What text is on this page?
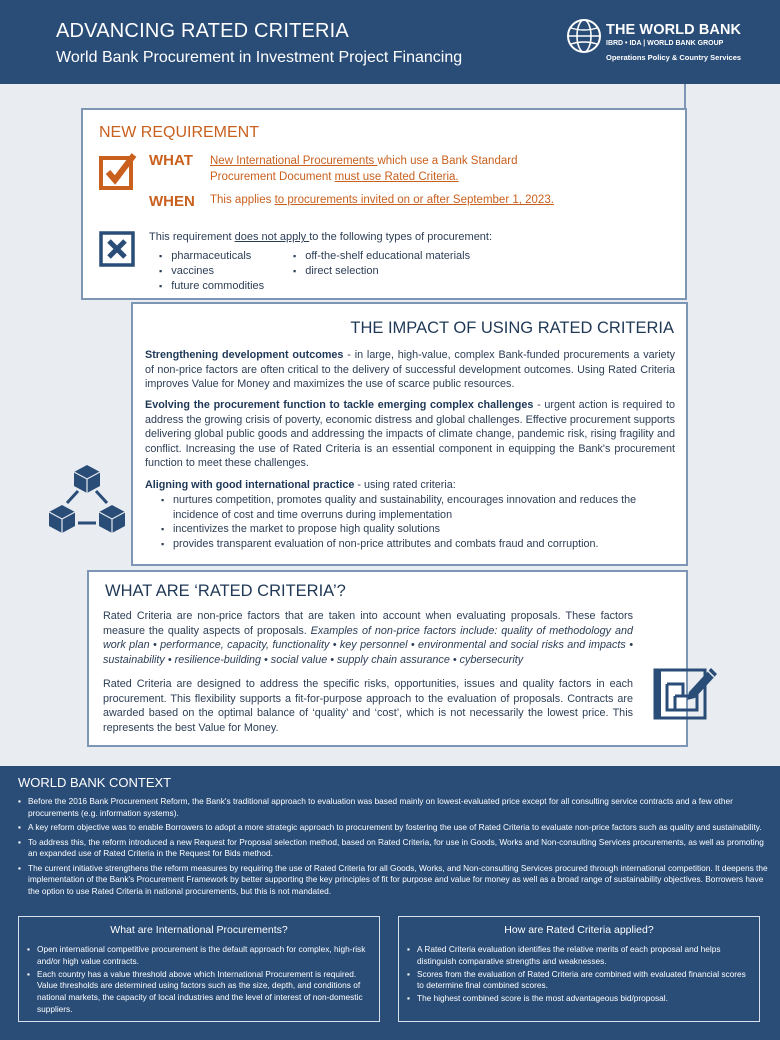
ADVANCING RATED CRITERIA
World Bank Procurement in Investment Project Financing
THE WORLD BANK
IBRD • IDA | WORLD BANK GROUP
Operations Policy & Country Services
NEW REQUIREMENT
WHAT New International Procurements which use a Bank Standard Procurement Document must use Rated Criteria.
WHEN This applies to procurements invited on or after September 1, 2023.
This requirement does not apply to the following types of procurement:
▪ pharmaceuticals
▪ vaccines
▪ future commodities
▪ off-the-shelf educational materials
▪ direct selection
THE IMPACT OF USING RATED CRITERIA
Strengthening development outcomes - in large, high-value, complex Bank-funded procurements a variety of non-price factors are often critical to the delivery of successful development outcomes. Using Rated Criteria improves Value for Money and maximizes the use of scarce public resources.
Evolving the procurement function to tackle emerging complex challenges - urgent action is required to address the growing crisis of poverty, economic distress and global challenges. Effective procurement supports delivering global public goods and addressing the impacts of climate change, pandemic risk, rising fragility and conflict. Increasing the use of Rated Criteria is an essential component in equipping the Bank's procurement function to meet these challenges.
Aligning with good international practice - using rated criteria:
▪ nurtures competition, promotes quality and sustainability, encourages innovation and reduces the incidence of cost and time overruns during implementation
▪ incentivizes the market to propose high quality solutions
▪ provides transparent evaluation of non-price attributes and combats fraud and corruption.
WHAT ARE ‘RATED CRITERIA’?
Rated Criteria are non-price factors that are taken into account when evaluating proposals. These factors measure the quality aspects of proposals. Examples of non-price factors include: quality of methodology and work plan • performance, capacity, functionality • key personnel • environmental and social risks and impacts • sustainability • resilience-building • social value • supply chain assurance • cybersecurity
Rated Criteria are designed to address the specific risks, opportunities, issues and quality factors in each procurement. This flexibility supports a fit-for-purpose approach to the evaluation of proposals. Contracts are awarded based on the optimal balance of ‘quality’ and ‘cost’, which is not necessarily the lowest price. This represents the best Value for Money.
WORLD BANK CONTEXT
▪ Before the 2016 Bank Procurement Reform, the Bank's traditional approach to evaluation was based mainly on lowest-evaluated price except for all consulting service contracts and a few other procurements (e.g. information systems).
▪ A key reform objective was to enable Borrowers to adopt a more strategic approach to procurement by fostering the use of Rated Criteria to evaluate non-price factors such as quality and sustainability.
▪ To address this, the reform introduced a new Request for Proposal selection method, based on Rated Criteria, for use in Goods, Works and Non-consulting Services procurements, as well as promoting an expanded use of Rated Criteria in the Request for Bids method.
▪ The current initiative strengthens the reform measures by requiring the use of Rated Criteria for all Goods, Works, and Non-consulting Services procured through international competition. It deepens the implementation of the Bank's Procurement Framework by better supporting the key principles of fit for purpose and value for money as well as a broad range of sustainability objectives. Borrowers have the option to use Rated Criteria in national procurements, but this is not mandated.
What are International Procurements?
▪ Open international competitive procurement is the default approach for complex, high-risk and/or high value contracts.
▪ Each country has a value threshold above which International Procurement is required. Value thresholds are determined using factors such as the size, depth, and conditions of national markets, the capacity of local industries and the level of interest of non-domestic suppliers.
How are Rated Criteria applied?
▪ A Rated Criteria evaluation identifies the relative merits of each proposal and helps distinguish comparative strengths and weaknesses.
▪ Scores from the evaluation of Rated Criteria are combined with evaluated financial scores to determine final combined scores.
▪ The highest combined score is the most advantageous bid/proposal.
